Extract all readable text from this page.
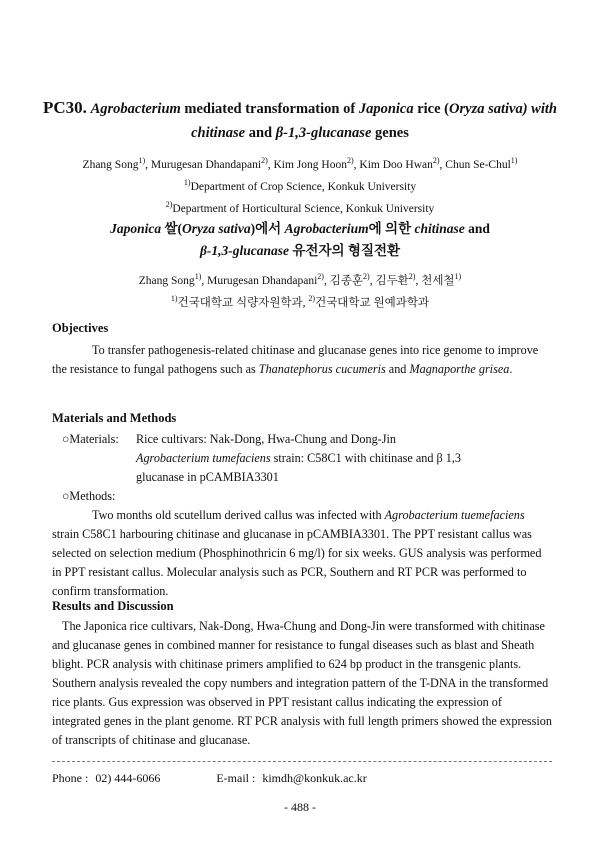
PC30. Agrobacterium mediated transformation of Japonica rice (Oryza sativa) with chitinase and β-1,3-glucanase genes
Zhang Song$^{1)}$, Murugesan Dhandapani$^{2)}$, Kim Jong Hoon$^{2)}$, Kim Doo Hwan$^{2)}$, Chun Se-Chul$^{1)}$
$^{1)}$Department of Crop Science, Konkuk University
$^{2)}$Department of Horticultural Science, Konkuk University
Japonica 쌀(Oryza sativa)에서 Agrobacterium에 의한 chitinase and
β-1,3-glucanase 유전자의 형질전환
Zhang Song$^{1)}$, Murugesan Dhandapani$^{2)}$, 김종훈$^{2)}$, 김두환$^{2)}$, 천세철$^{1)}$
$^{1)}$건국대학교 식량자원학과, $^{2)}$건국대학교 원예과학과
Objectives
To transfer pathogenesis-related chitinase and glucanase genes into rice genome to improve the resistance to fungal pathogens such as Thanatephorus cucumeris and Magnaporthe grisea.
Materials and Methods
○Materials:	Rice cultivars: Nak-Dong, Hwa-Chung and Dong-Jin
Agrobacterium tumefaciens strain: C58C1 with chitinase and β 1,3
glucanase in pCAMBIA3301
○Methods:
Two months old scutellum derived callus was infected with Agrobacterium tuemefaciens strain C58C1 harbouring chitinase and glucanase in pCAMBIA3301. The PPT resistant callus was selected on selection medium (Phosphinothricin 6 mg/l) for six weeks. GUS analysis was performed in PPT resistant callus. Molecular analysis such as PCR, Southern and RT PCR was performed to confirm transformation.
Results and Discussion
The Japonica rice cultivars, Nak-Dong, Hwa-Chung and Dong-Jin were transformed with chitinase and glucanase genes in combined manner for resistance to fungal diseases such as blast and Sheath blight. PCR analysis with chitinase primers amplified to 624 bp product in the transgenic plants. Southern analysis revealed the copy numbers and integration pattern of the T-DNA in the transformed rice plants. Gus expression was observed in PPT resistant callus indicating the expression of integrated genes in the plant genome. RT PCR analysis with full length primers showed the expression of transcripts of chitinase and glucanase.
Phone : 02) 444-6066	E-mail : kimdh@konkuk.ac.kr
- 488 -
